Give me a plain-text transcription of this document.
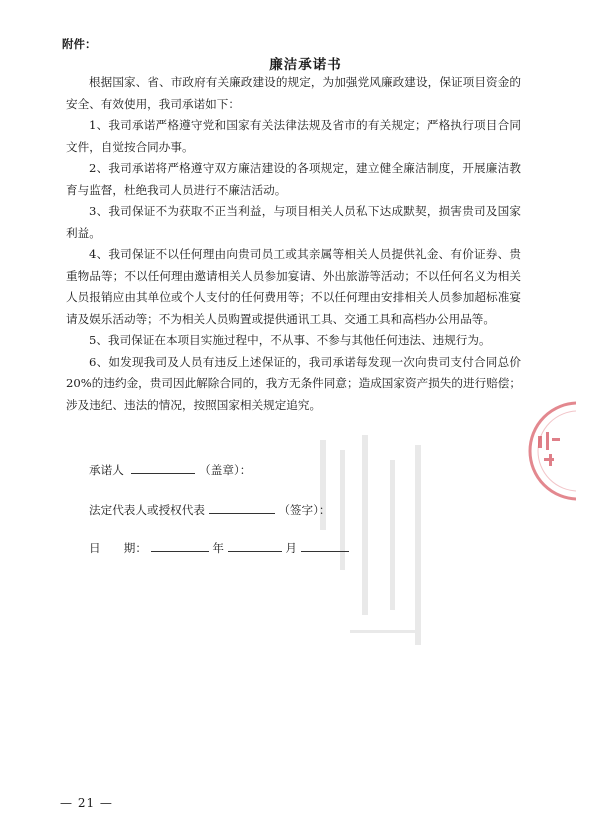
附件：
廉洁承诺书

根据国家、省、市政府有关廉政建设的规定，为加强党风廉政建设，保证项目资金的安全、有效使用，我司承诺如下：

1、我司承诺严格遵守党和国家有关法律法规及省市的有关规定；严格执行项目合同文件，自觉按合同办事。

2、我司承诺将严格遵守双方廉洁建设的各项规定，建立健全廉洁制度，开展廉洁教育与监督，杜绝我司人员进行不廉洁活动。

3、我司保证不为获取不正当利益，与项目相关人员私下达成默契，损害贵司及国家利益。

4、我司保证不以任何理由向贵司员工或其亲属等相关人员提供礼金、有价证券、贵重物品等；不以任何理由邀请相关人员参加宴请、外出旅游等活动；不以任何名义为相关人员报销应由其单位或个人支付的任何费用等；不以任何理由安排相关人员参加超标准宴请及娱乐活动等；不为相关人员购置或提供通讯工具、交通工具和高档办公用品等。

5、我司保证在本项目实施过程中，不从事、不参与其他任何违法、违规行为。

6、如发现我司及人员有违反上述保证的，我司承诺每发现一次向贵司支付合同总价 20%的违约金，贵司因此解除合同的，我方无条件同意；造成国家资产损失的进行赔偿；涉及违纪、违法的情况，按照国家相关规定追究。

承诺人	（盖章）：
法定代表人或授权代表	（签字）：
日　　期：	年	月
— 21 —
